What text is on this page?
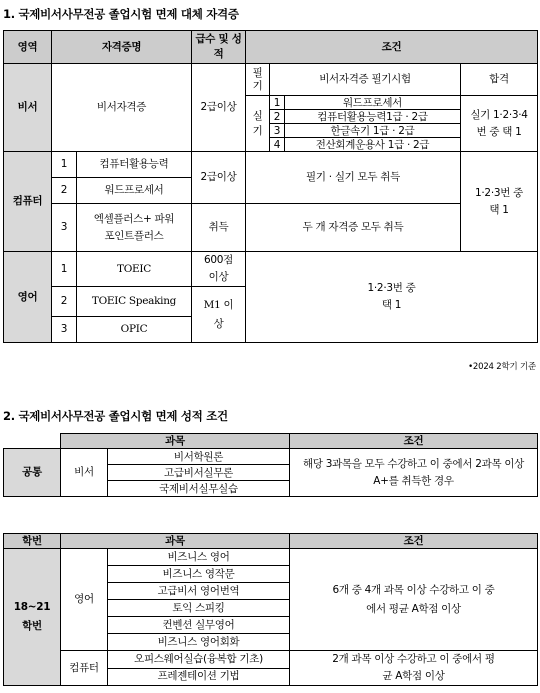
1. 국제비서사무전공 졸업시험 면제 대체 자격증
영역	자격증명		급수 및 성적	조건			
비서	비서자격증		2급이상	필기	비서자격증 필기시험		합격

				실기	1	워드프로세서	실기 1·2·3·4번 중 택 1

					2	컴퓨터활용능력1급 · 2급	
					3	한글속기 1급 · 2급	
					4	전산회계운용사 1급 · 2급	

컴퓨터	1	컴퓨터활용능력	2급이상	필기 · 실기 모두 취득			1·2·3번 중 택 1

	2	워드프로세서					
	3	엑셀플러스+ 파워포인트플러스	취득	두 개 자격증 모두 취득			
영어	1	TOEIC	600점 이상	1·2·3번 중 택 1			

	2	TOEIC Speaking	M1 이상				

	3	OPIC					
•2024 2학기 기준
2. 국제비서사무전공 졸업시험 면제 성적 조건
	과목		조건
공통	비서	비서학원론	해당 3과목을 모두 수강하고 이 중에서 2과목 이상 A+를 취득한 경우

		고급비서실무론	
		국제비서실무실습	
학번	과목		조건

18~21학번	영어	비즈니스 영어	6개 중 4개 과목 이상 수강하고 이 중에서 평균 A학점 이상

		비즈니스 영작문	
		고급비서 영어번역	
		토익 스피킹	
		컨벤션 실무영어	
		비즈니스 영어회화	
	컴퓨터	오피스웨어실습(융복합 기초)	2개 과목 이상 수강하고 이 중에서 평균 A학점 이상

		프레젠테이션 기법	
